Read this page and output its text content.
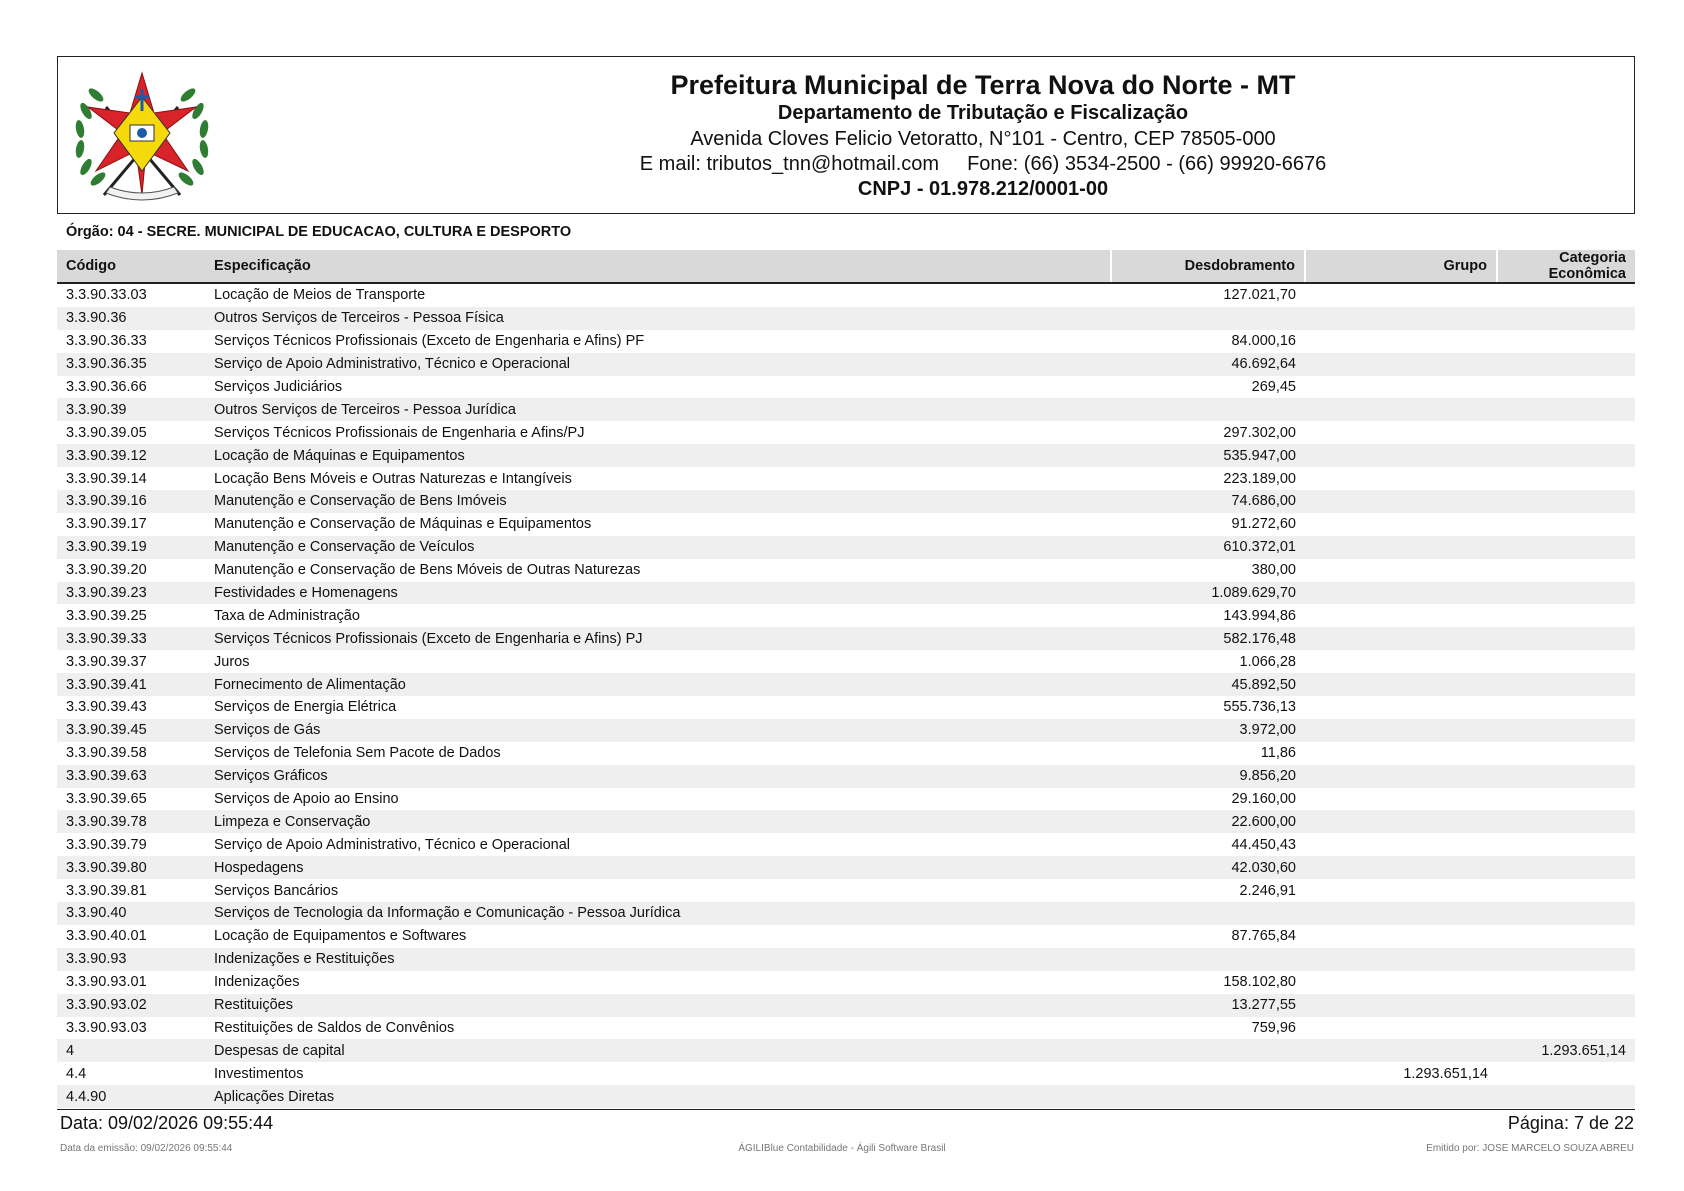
Prefeitura Municipal de Terra Nova do Norte - MT
Departamento de Tributação e Fiscalização
Avenida Cloves Felicio Vetoratto, N°101 - Centro, CEP 78505-000
E mail: tributos_tnn@hotmail.com Fone: (66) 3534-2500 - (66) 99920-6676
CNPJ - 01.978.212/0001-00
Órgão: 04 - SECRE. MUNICIPAL DE EDUCACAO, CULTURA E DESPORTO
Código	Especificação	Desdobramento	Grupo	Categoria Econômica
3.3.90.33.03	Locação de Meios de Transporte	127.021,70		
3.3.90.36	Outros Serviços de Terceiros - Pessoa Física			
3.3.90.36.33	Serviços Técnicos Profissionais (Exceto de Engenharia e Afins) PF	84.000,16		
3.3.90.36.35	Serviço de Apoio Administrativo, Técnico e Operacional	46.692,64		
3.3.90.36.66	Serviços Judiciários	269,45		
3.3.90.39	Outros Serviços de Terceiros - Pessoa Jurídica			
3.3.90.39.05	Serviços Técnicos Profissionais de Engenharia e Afins/PJ	297.302,00		
3.3.90.39.12	Locação de Máquinas e Equipamentos	535.947,00		
3.3.90.39.14	Locação Bens Móveis e Outras Naturezas e Intangíveis	223.189,00		
3.3.90.39.16	Manutenção e Conservação de Bens Imóveis	74.686,00		
3.3.90.39.17	Manutenção e Conservação de Máquinas e Equipamentos	91.272,60		
3.3.90.39.19	Manutenção e Conservação de Veículos	610.372,01		
3.3.90.39.20	Manutenção e Conservação de Bens Móveis de Outras Naturezas	380,00		
3.3.90.39.23	Festividades e Homenagens	1.089.629,70		
3.3.90.39.25	Taxa de Administração	143.994,86		
3.3.90.39.33	Serviços Técnicos Profissionais (Exceto de Engenharia e Afins) PJ	582.176,48		
3.3.90.39.37	Juros	1.066,28		
3.3.90.39.41	Fornecimento de Alimentação	45.892,50		
3.3.90.39.43	Serviços de Energia Elétrica	555.736,13		
3.3.90.39.45	Serviços de Gás	3.972,00		
3.3.90.39.58	Serviços de Telefonia Sem Pacote de Dados	11,86		
3.3.90.39.63	Serviços Gráficos	9.856,20		
3.3.90.39.65	Serviços de Apoio ao Ensino	29.160,00		
3.3.90.39.78	Limpeza e Conservação	22.600,00		
3.3.90.39.79	Serviço de Apoio Administrativo, Técnico e Operacional	44.450,43		
3.3.90.39.80	Hospedagens	42.030,60		
3.3.90.39.81	Serviços Bancários	2.246,91		
3.3.90.40	Serviços de Tecnologia da Informação e Comunicação - Pessoa Jurídica			
3.3.90.40.01	Locação de Equipamentos e Softwares	87.765,84		
3.3.90.93	Indenizações e Restituições			
3.3.90.93.01	Indenizações	158.102,80		
3.3.90.93.02	Restituições	13.277,55		
3.3.90.93.03	Restituições de Saldos de Convênios	759,96		
4	Despesas de capital			1.293.651,14
4.4	Investimentos		1.293.651,14	
4.4.90	Aplicações Diretas			
Data: 09/02/2026 09:55:44	Página: 7 de 22
Data da emissão: 09/02/2026 09:55:44	ÁGILIBlue Contabilidade - Ágili Software Brasil	Emitido por: JOSE MARCELO SOUZA ABREU
